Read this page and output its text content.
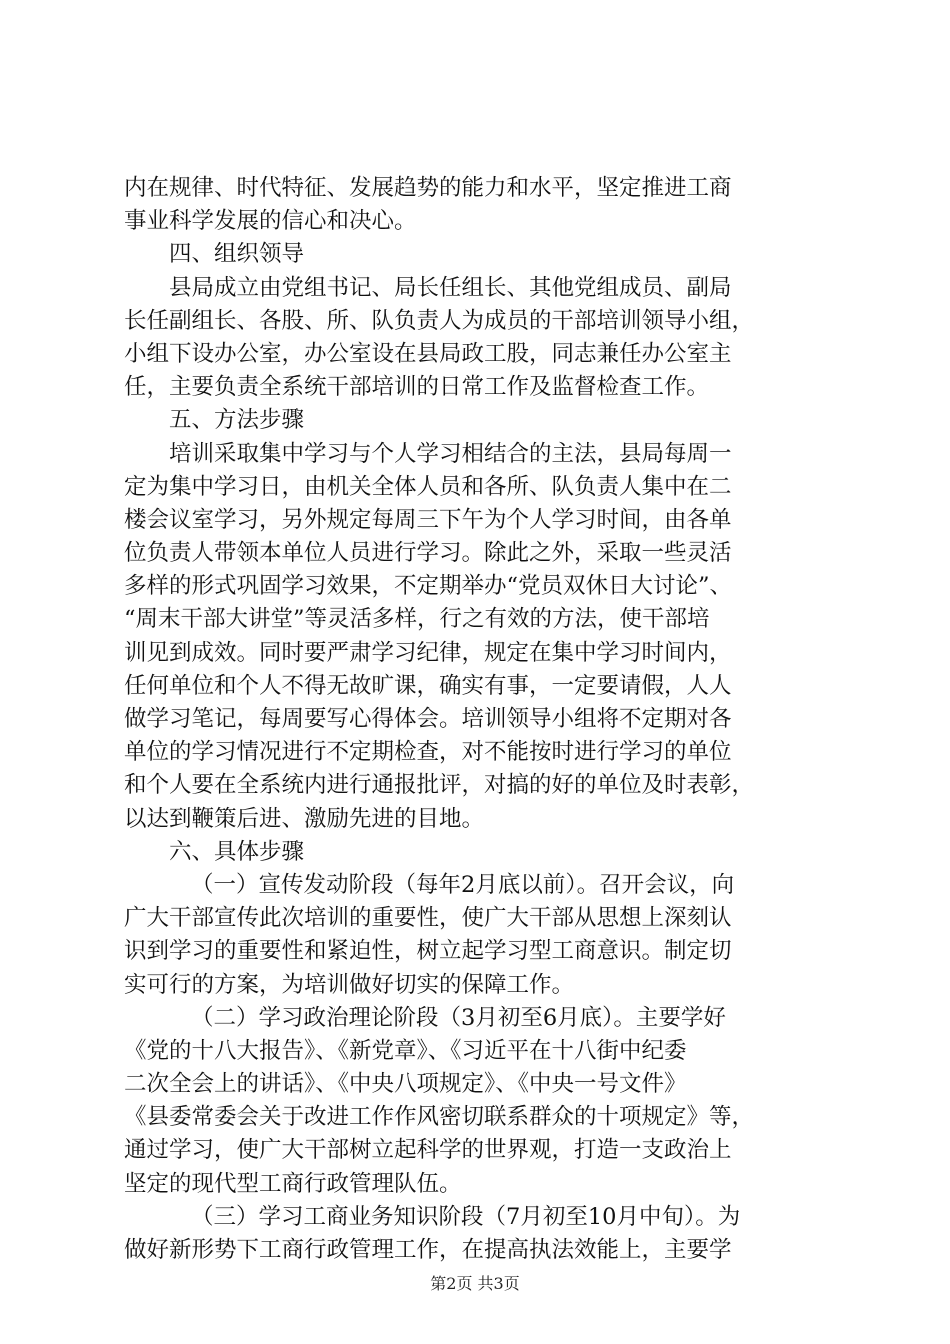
内在规律、时代特征、发展趋势的能力和水平，坚定推进工商
事业科学发展的信心和决心。
四、组织领导
县局成立由党组书记、局长任组长、其他党组成员、副局
长任副组长、各股、所、队负责人为成员的干部培训领导小组，
小组下设办公室，办公室设在县局政工股，同志兼任办公室主
任，主要负责全系统干部培训的日常工作及监督检查工作。
五、方法步骤
培训采取集中学习与个人学习相结合的主法，县局每周一
定为集中学习日，由机关全体人员和各所、队负责人集中在二
楼会议室学习，另外规定每周三下午为个人学习时间，由各单
位负责人带领本单位人员进行学习。除此之外，采取一些灵活
多样的形式巩固学习效果，不定期举办“党员双休日大讨论”、
“周末干部大讲堂”等灵活多样，行之有效的方法，使干部培
训见到成效。同时要严肃学习纪律，规定在集中学习时间内，
任何单位和个人不得无故旷课，确实有事，一定要请假，人人
做学习笔记，每周要写心得体会。培训领导小组将不定期对各
单位的学习情况进行不定期检查，对不能按时进行学习的单位
和个人要在全系统内进行通报批评，对搞的好的单位及时表彰，
以达到鞭策后进、激励先进的目地。
六、具体步骤
（一）宣传发动阶段（每年2月底以前）。召开会议，向
广大干部宣传此次培训的重要性，使广大干部从思想上深刻认
识到学习的重要性和紧迫性，树立起学习型工商意识。制定切
实可行的方案，为培训做好切实的保障工作。
（二）学习政治理论阶段（3月初至6月底）。主要学好
《党的十八大报告》、《新党章》、《习近平在十八街中纪委
二次全会上的讲话》、《中央八项规定》、《中央一号文件》
《县委常委会关于改进工作作风密切联系群众的十项规定》等，
通过学习，使广大干部树立起科学的世界观，打造一支政治上
坚定的现代型工商行政管理队伍。
（三）学习工商业务知识阶段（7月初至10月中旬）。为
做好新形势下工商行政管理工作，在提高执法效能上，主要学
第2页 共3页
